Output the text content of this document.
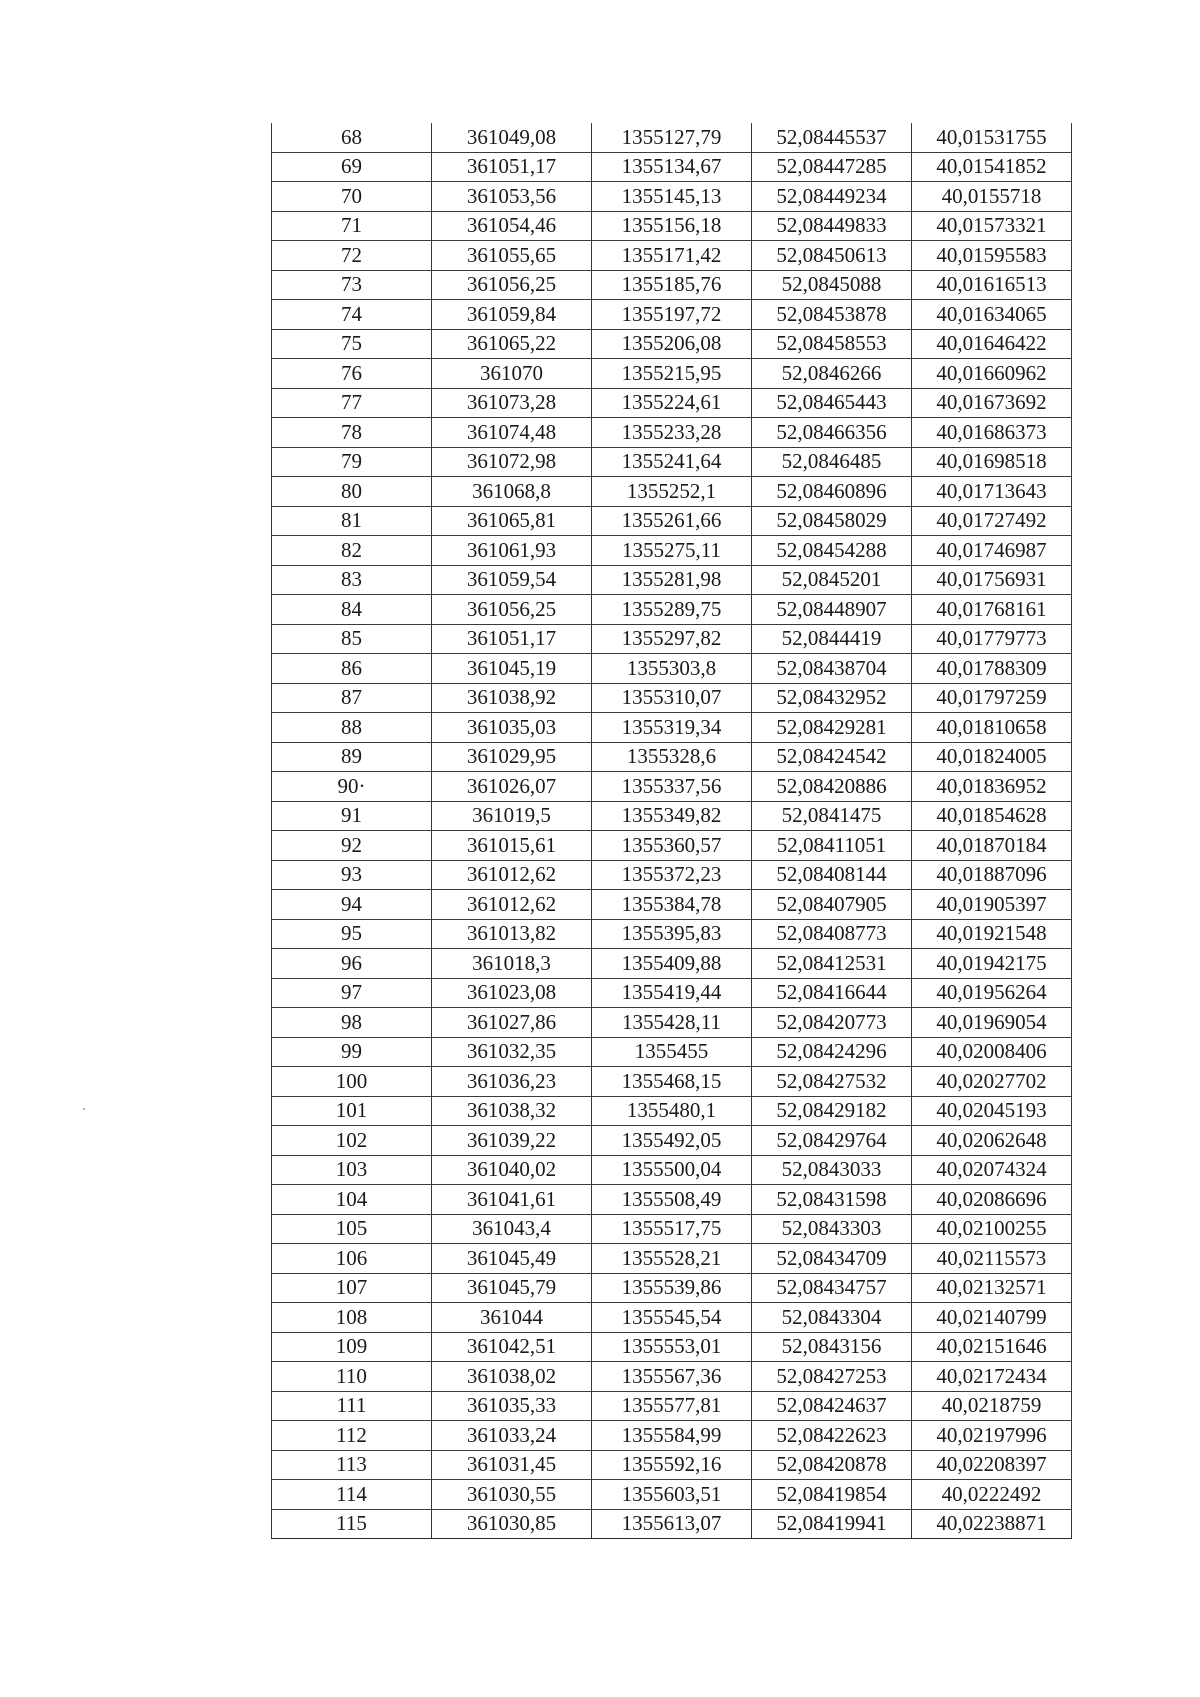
68	361049,08	1355127,79	52,08445537	40,01531755
69	361051,17	1355134,67	52,08447285	40,01541852
70	361053,56	1355145,13	52,08449234	40,0155718
71	361054,46	1355156,18	52,08449833	40,01573321
72	361055,65	1355171,42	52,08450613	40,01595583
73	361056,25	1355185,76	52,0845088	40,01616513
74	361059,84	1355197,72	52,08453878	40,01634065
75	361065,22	1355206,08	52,08458553	40,01646422
76	361070	1355215,95	52,0846266	40,01660962
77	361073,28	1355224,61	52,08465443	40,01673692
78	361074,48	1355233,28	52,08466356	40,01686373
79	361072,98	1355241,64	52,0846485	40,01698518
80	361068,8	1355252,1	52,08460896	40,01713643
81	361065,81	1355261,66	52,08458029	40,01727492
82	361061,93	1355275,11	52,08454288	40,01746987
83	361059,54	1355281,98	52,0845201	40,01756931
84	361056,25	1355289,75	52,08448907	40,01768161
85	361051,17	1355297,82	52,0844419	40,01779773
86	361045,19	1355303,8	52,08438704	40,01788309
87	361038,92	1355310,07	52,08432952	40,01797259
88	361035,03	1355319,34	52,08429281	40,01810658
89	361029,95	1355328,6	52,08424542	40,01824005
90·	361026,07	1355337,56	52,08420886	40,01836952
91	361019,5	1355349,82	52,0841475	40,01854628
92	361015,61	1355360,57	52,08411051	40,01870184
93	361012,62	1355372,23	52,08408144	40,01887096
94	361012,62	1355384,78	52,08407905	40,01905397
95	361013,82	1355395,83	52,08408773	40,01921548
96	361018,3	1355409,88	52,08412531	40,01942175
97	361023,08	1355419,44	52,08416644	40,01956264
98	361027,86	1355428,11	52,08420773	40,01969054
99	361032,35	1355455	52,08424296	40,02008406
100	361036,23	1355468,15	52,08427532	40,02027702
101	361038,32	1355480,1	52,08429182	40,02045193
102	361039,22	1355492,05	52,08429764	40,02062648
103	361040,02	1355500,04	52,0843033	40,02074324
104	361041,61	1355508,49	52,08431598	40,02086696
105	361043,4	1355517,75	52,0843303	40,02100255
106	361045,49	1355528,21	52,08434709	40,02115573
107	361045,79	1355539,86	52,08434757	40,02132571
108	361044	1355545,54	52,0843304	40,02140799
109	361042,51	1355553,01	52,0843156	40,02151646
110	361038,02	1355567,36	52,08427253	40,02172434
111	361035,33	1355577,81	52,08424637	40,0218759
112	361033,24	1355584,99	52,08422623	40,02197996
113	361031,45	1355592,16	52,08420878	40,02208397
114	361030,55	1355603,51	52,08419854	40,0222492
115	361030,85	1355613,07	52,08419941	40,02238871
